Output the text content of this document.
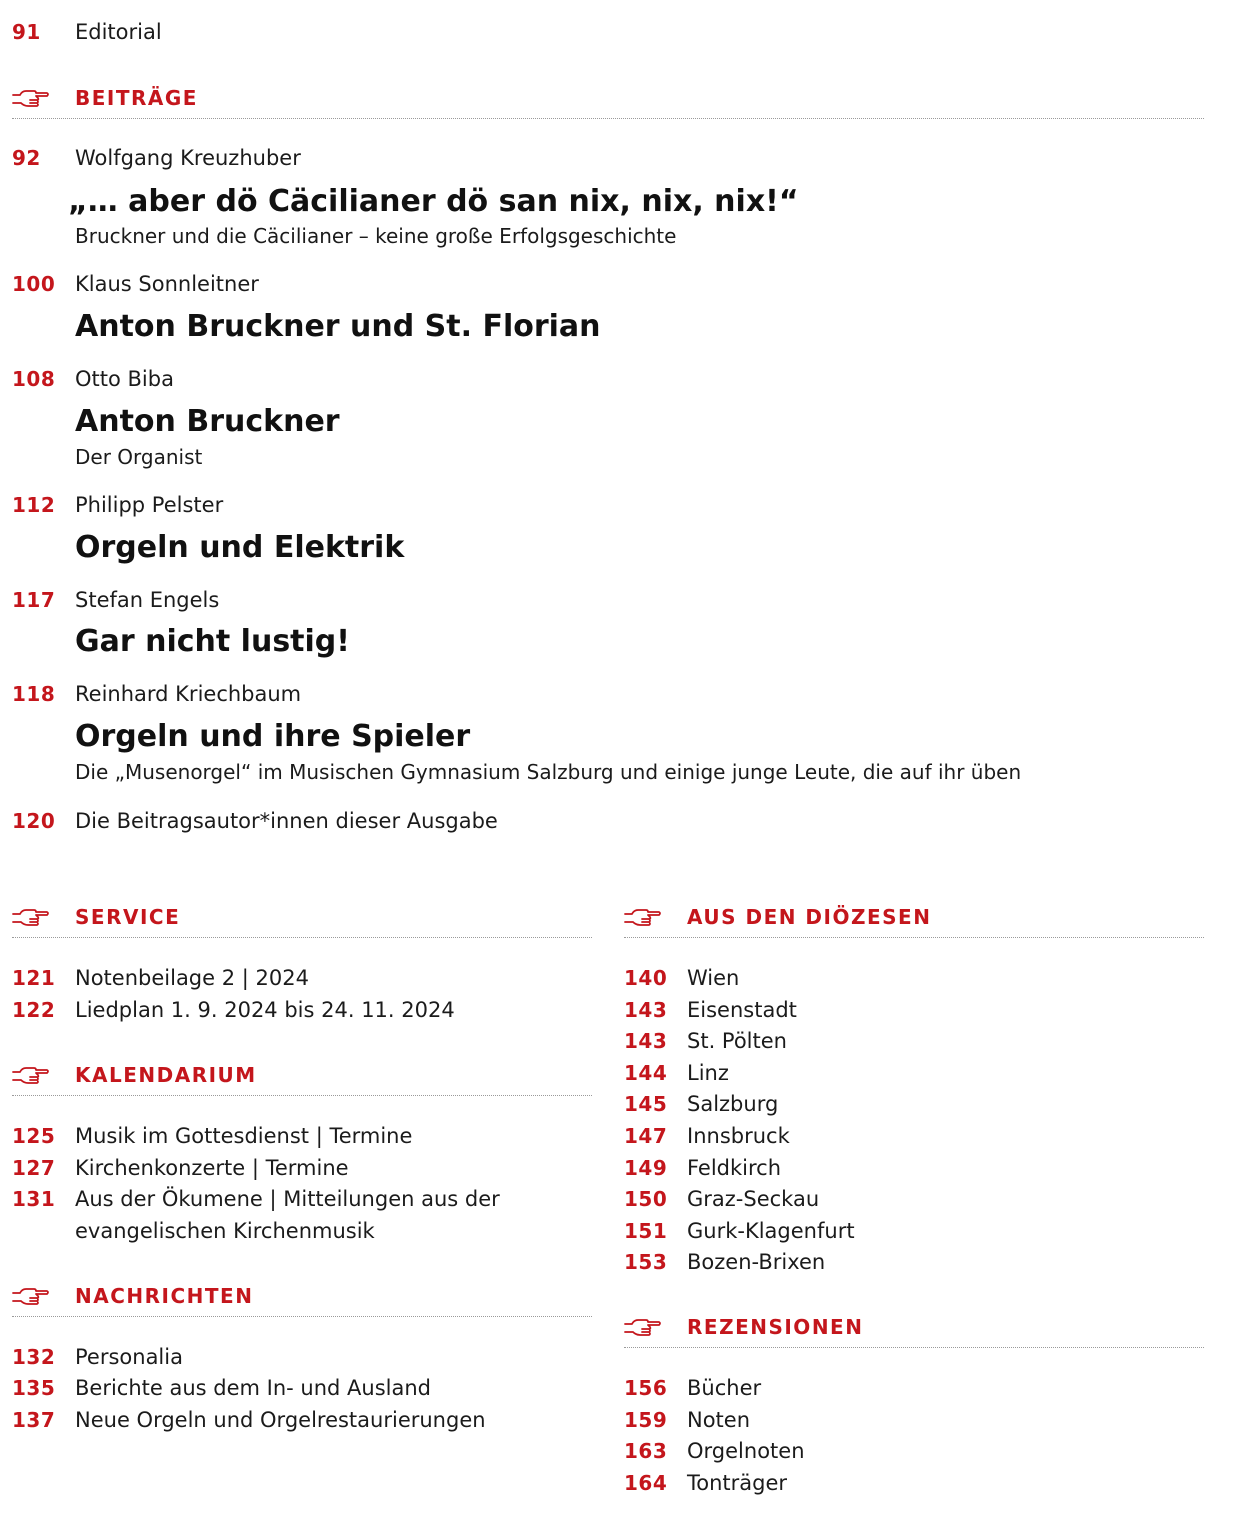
91	Editorial
BEITRÄGE
92	Wolfgang Kreuzhuber
„… aber dö Cäcilianer dö san nix, nix, nix!“
Bruckner und die Cäcilianer – keine große Erfolgsgeschichte
100 Klaus Sonnleitner
Anton Bruckner und St. Florian
108 Otto Biba
Anton Bruckner
Der Organist
112 Philipp Pelster
Orgeln und Elektrik
117 Stefan Engels
Gar nicht lustig!
118 Reinhard Kriechbaum
Orgeln und ihre Spieler
Die „Musenorgel“ im Musischen Gymnasium Salzburg und einige junge Leute, die auf ihr üben
120 Die Beitragsautor*innen dieser Ausgabe
SERVICE
121 Notenbeilage 2 | 2024
122 Liedplan 1. 9. 2024 bis 24. 11. 2024
KALENDARIUM
125 Musik im Gottesdienst | Termine
127 Kirchenkonzerte | Termine
131 Aus der Ökumene | Mitteilungen aus der
evangelischen Kirchenmusik
NACHRICHTEN
132 Personalia
135 Berichte aus dem In- und Ausland
137 Neue Orgeln und Orgelrestaurierungen
AUS DEN DIÖZESEN
140 Wien
143 Eisenstadt
143 St. Pölten
144 Linz
145 Salzburg
147 Innsbruck
149 Feldkirch
150 Graz-Seckau
151 Gurk-Klagenfurt
153 Bozen-Brixen
REZENSIONEN
156 Bücher
159 Noten
163 Orgelnoten
164 Tonträger
